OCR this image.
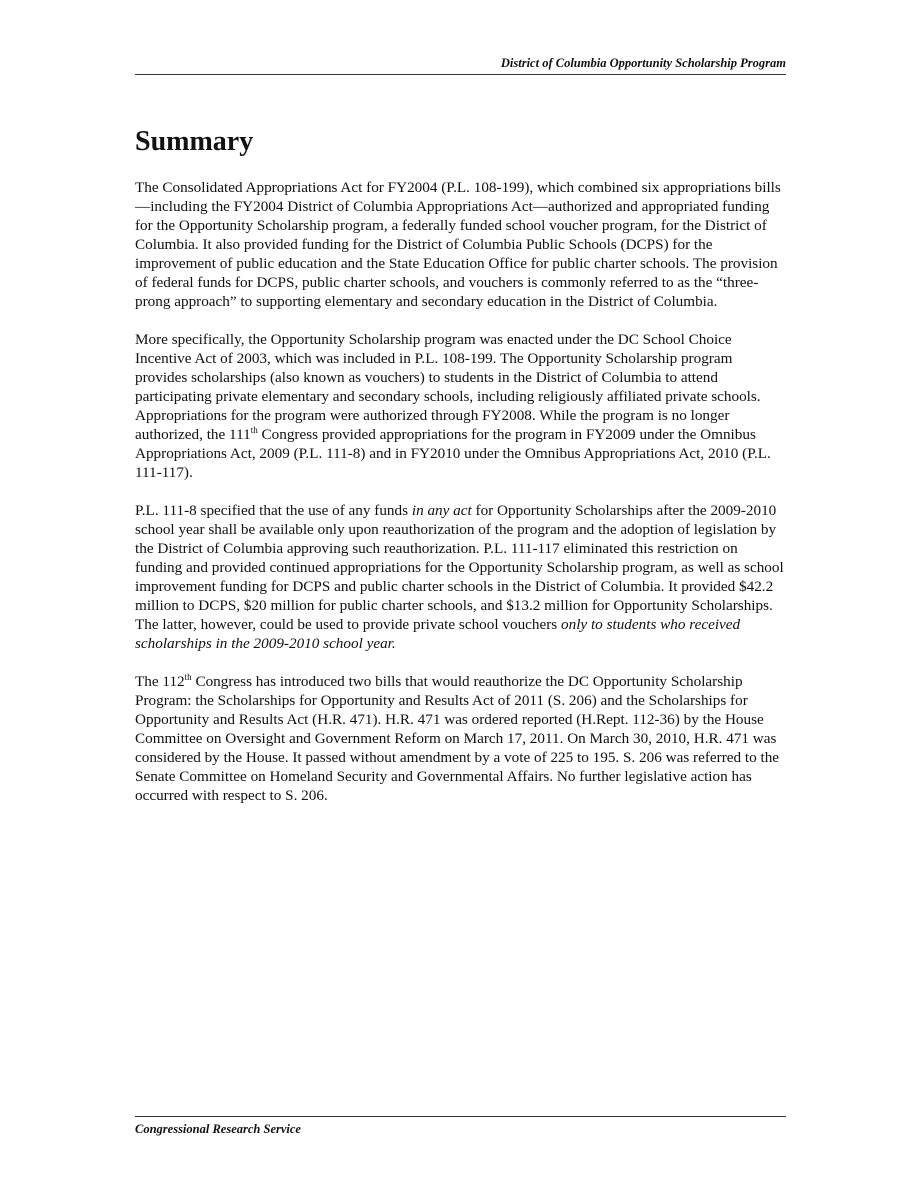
District of Columbia Opportunity Scholarship Program
Summary

The Consolidated Appropriations Act for FY2004 (P.L. 108-199), which combined six appropriations bills—including the FY2004 District of Columbia Appropriations Act—authorized and appropriated funding for the Opportunity Scholarship program, a federally funded school voucher program, for the District of Columbia. It also provided funding for the District of Columbia Public Schools (DCPS) for the improvement of public education and the State Education Office for public charter schools. The provision of federal funds for DCPS, public charter schools, and vouchers is commonly referred to as the “three-prong approach” to supporting elementary and secondary education in the District of Columbia.

More specifically, the Opportunity Scholarship program was enacted under the DC School Choice Incentive Act of 2003, which was included in P.L. 108-199. The Opportunity Scholarship program provides scholarships (also known as vouchers) to students in the District of Columbia to attend participating private elementary and secondary schools, including religiously affiliated private schools. Appropriations for the program were authorized through FY2008. While the program is no longer authorized, the 111th Congress provided appropriations for the program in FY2009 under the Omnibus Appropriations Act, 2009 (P.L. 111-8) and in FY2010 under the Omnibus Appropriations Act, 2010 (P.L. 111-117).

P.L. 111-8 specified that the use of any funds in any act for Opportunity Scholarships after the 2009-2010 school year shall be available only upon reauthorization of the program and the adoption of legislation by the District of Columbia approving such reauthorization. P.L. 111-117 eliminated this restriction on funding and provided continued appropriations for the Opportunity Scholarship program, as well as school improvement funding for DCPS and public charter schools in the District of Columbia. It provided $42.2 million to DCPS, $20 million for public charter schools, and $13.2 million for Opportunity Scholarships. The latter, however, could be used to provide private school vouchers only to students who received scholarships in the 2009-2010 school year.

The 112th Congress has introduced two bills that would reauthorize the DC Opportunity Scholarship Program: the Scholarships for Opportunity and Results Act of 2011 (S. 206) and the Scholarships for Opportunity and Results Act (H.R. 471). H.R. 471 was ordered reported (H.Rept. 112-36) by the House Committee on Oversight and Government Reform on March 17, 2011. On March 30, 2010, H.R. 471 was considered by the House. It passed without amendment by a vote of 225 to 195. S. 206 was referred to the Senate Committee on Homeland Security and Governmental Affairs. No further legislative action has occurred with respect to S. 206.

Congressional Research Service
